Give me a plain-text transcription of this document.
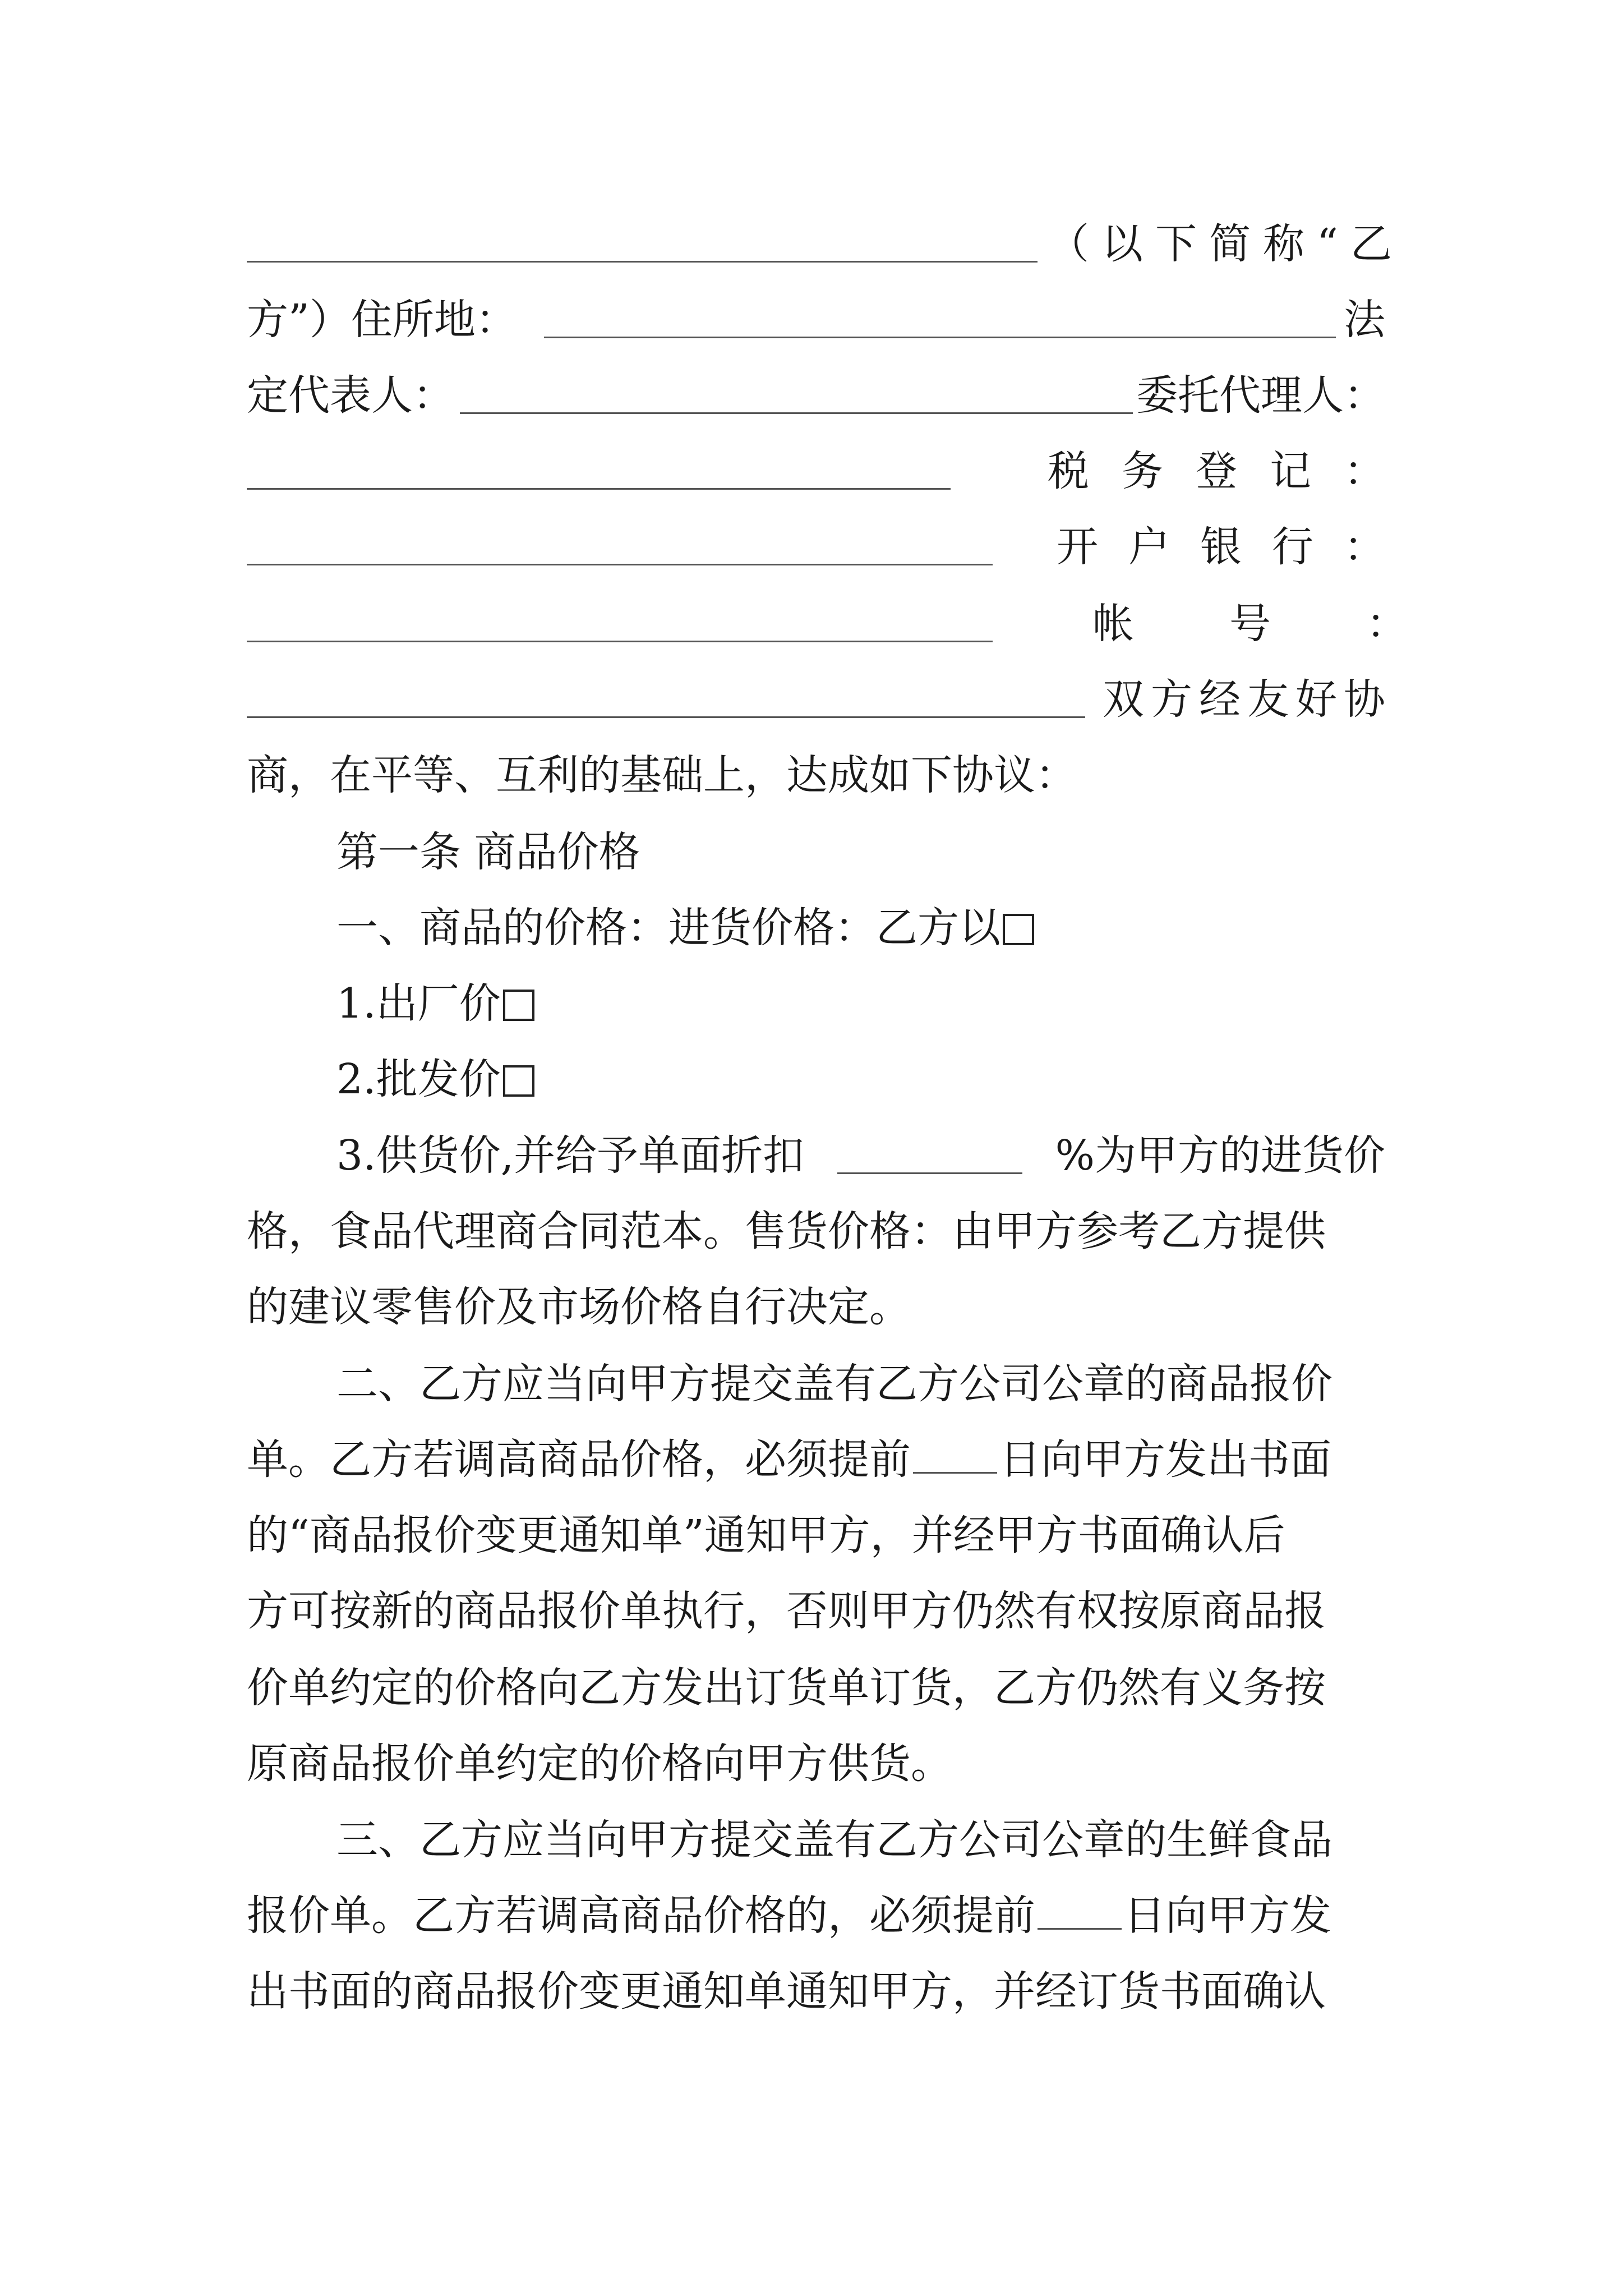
（以下简称“乙
方”）住所地：	法
定代表人：	委托代理人：
税务登记：
开户银行：
帐号：
双方经友好协
商，在平等、互利的基础上，达成如下协议：
第一条 商品价格
一、商品的价格：进货价格：乙方以
1.出厂价
2.批发价
3.供货价,并给予单面折扣	%为甲方的进货价
格，食品代理商合同范本。售货价格：由甲方参考乙方提供
的建议零售价及市场价格自行决定。
二、乙方应当向甲方提交盖有乙方公司公章的商品报价
单。乙方若调高商品价格，必须提前 日向甲方发出书面
的“商品报价变更通知单”通知甲方，并经甲方书面确认后
方可按新的商品报价单执行，否则甲方仍然有权按原商品报
价单约定的价格向乙方发出订货单订货，乙方仍然有义务按
原商品报价单约定的价格向甲方供货。
三、乙方应当向甲方提交盖有乙方公司公章的生鲜食品
报价单。乙方若调高商品价格的，必须提前 日向甲方发
出书面的商品报价变更通知单通知甲方，并经订货书面确认
